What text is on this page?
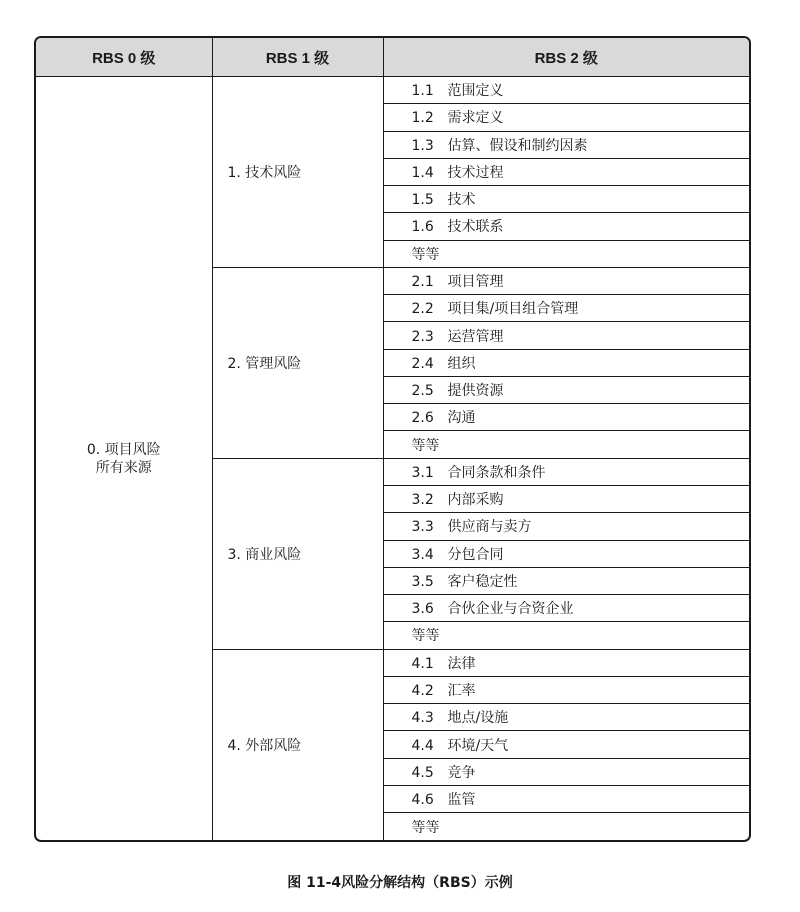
RBS 0 级	RBS 1 级	RBS 2 级

0. 项目风险
所有来源	1. 技术风险	1.1 范围定义
		1.2 需求定义
		1.3 估算、假设和制约因素
		1.4 技术过程
		1.5 技术
		1.6 技术联系
		等等
	2. 管理风险	2.1 项目管理
		2.2 项目集/项目组合管理
		2.3 运营管理
		2.4 组织
		2.5 提供资源
		2.6 沟通
		等等
	3. 商业风险	3.1 合同条款和条件
		3.2 内部采购
		3.3 供应商与卖方
		3.4 分包合同
		3.5 客户稳定性
		3.6 合伙企业与合资企业
		等等
	4. 外部风险	4.1 法律
		4.2 汇率
		4.3 地点/设施
		4.4 环境/天气
		4.5 竞争
		4.6 监管
		等等
图 11-4风险分解结构（RBS）示例
